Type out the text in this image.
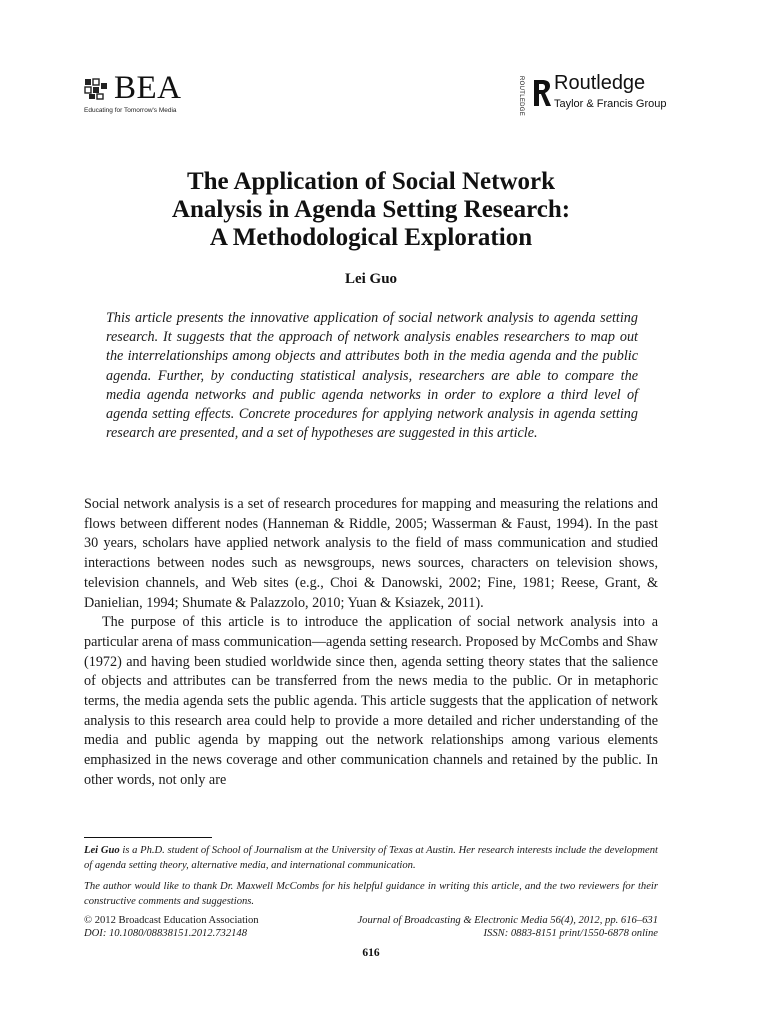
BEA
Educating for Tomorrow's Media	ROUTLEDGE Routledge
Taylor & Francis Group
The Application of Social Network
Analysis in Agenda Setting Research:
A Methodological Exploration
Lei Guo
This article presents the innovative application of social network analysis to agenda setting research. It suggests that the approach of network analysis enables researchers to map out the interrelationships among objects and attributes both in the media agenda and the public agenda. Further, by conducting statistical analysis, researchers are able to compare the media agenda networks and public agenda networks in order to explore a third level of agenda setting effects. Concrete procedures for applying network analysis in agenda setting research are presented, and a set of hypotheses are suggested in this article.

Social network analysis is a set of research procedures for mapping and measuring the relations and flows between different nodes (Hanneman & Riddle, 2005; Wasserman & Faust, 1994). In the past 30 years, scholars have applied network analysis to the field of mass communication and studied interactions between nodes such as newsgroups, news sources, characters on television shows, television channels, and Web sites (e.g., Choi & Danowski, 2002; Fine, 1981; Reese, Grant, & Danielian, 1994; Shumate & Palazzolo, 2010; Yuan & Ksiazek, 2011).

The purpose of this article is to introduce the application of social network analysis into a particular arena of mass communication—agenda setting research. Proposed by McCombs and Shaw (1972) and having been studied worldwide since then, agenda setting theory states that the salience of objects and attributes can be transferred from the news media to the public. Or in metaphoric terms, the media agenda sets the public agenda. This article suggests that the application of network analysis to this research area could help to provide a more detailed and richer understanding of the media and public agenda by mapping out the network relationships among various elements emphasized in the news coverage and other communication channels and retained by the public. In other words, not only are

Lei Guo is a Ph.D. student of School of Journalism at the University of Texas at Austin. Her research interests include the development of agenda setting theory, alternative media, and international communication.
The author would like to thank Dr. Maxwell McCombs for his helpful guidance in writing this article, and the two reviewers for their constructive comments and suggestions.
© 2012 Broadcast Education Association	Journal of Broadcasting & Electronic Media 56(4), 2012, pp. 616–631
DOI: 10.1080/08838151.2012.732148	ISSN: 0883-8151 print/1550-6878 online
616
